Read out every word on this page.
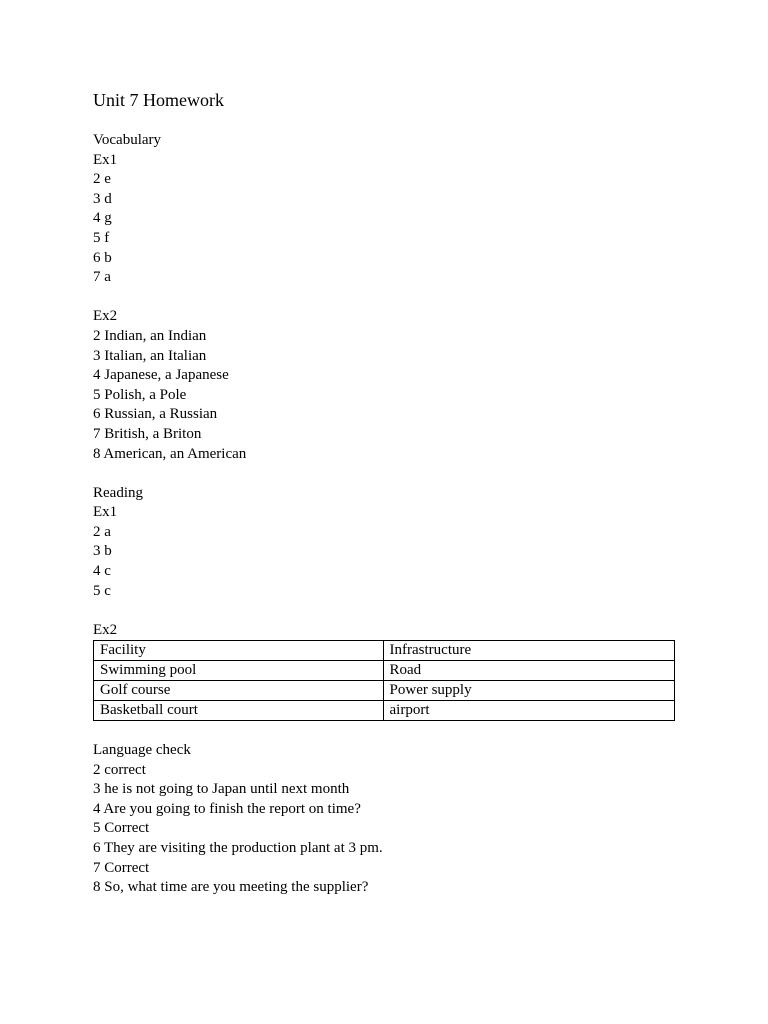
Unit 7 Homework
Vocabulary
Ex1
2 e
3 d
4 g
5 f
6 b
7 a
Ex2
2 Indian, an Indian
3 Italian, an Italian
4 Japanese, a Japanese
5 Polish, a Pole
6 Russian, a Russian
7 British, a Briton
8 American, an American
Reading
Ex1
2 a
3 b
4 c
5 c
Ex2
Facility	Infrastructure
Swimming pool	Road
Golf course	Power supply
Basketball court	airport
Language check
2 correct
3 he is not going to Japan until next month
4 Are you going to finish the report on time?
5 Correct
6 They are visiting the production plant at 3 pm.
7 Correct
8 So, what time are you meeting the supplier?
